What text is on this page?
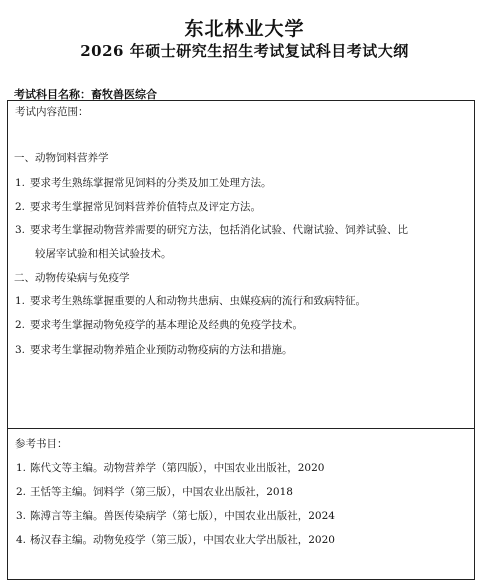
东北林业大学
2026 年硕士研究生招生考试复试科目考试大纲
考试科目名称：畜牧兽医综合
考试内容范围：
一、动物饲料营养学
1. 要求考生熟练掌握常见饲料的分类及加工处理方法。
2. 要求考生掌握常见饲料营养价值特点及评定方法。
3. 要求考生掌握动物营养需要的研究方法，包括消化试验、代谢试验、饲养试验、比
较屠宰试验和相关试验技术。
二、动物传染病与免疫学
1. 要求考生熟练掌握重要的人和动物共患病、虫媒疫病的流行和致病特征。
2. 要求考生掌握动物免疫学的基本理论及经典的免疫学技术。
3. 要求考生掌握动物养殖企业预防动物疫病的方法和措施。
参考书目：
1. 陈代文等主编。动物营养学（第四版），中国农业出版社，2020
2. 王恬等主编。饲料学（第三版），中国农业出版社，2018
3. 陈溥言等主编。兽医传染病学（第七版），中国农业出版社，2024
4. 杨汉春主编。动物免疫学（第三版），中国农业大学出版社，2020
